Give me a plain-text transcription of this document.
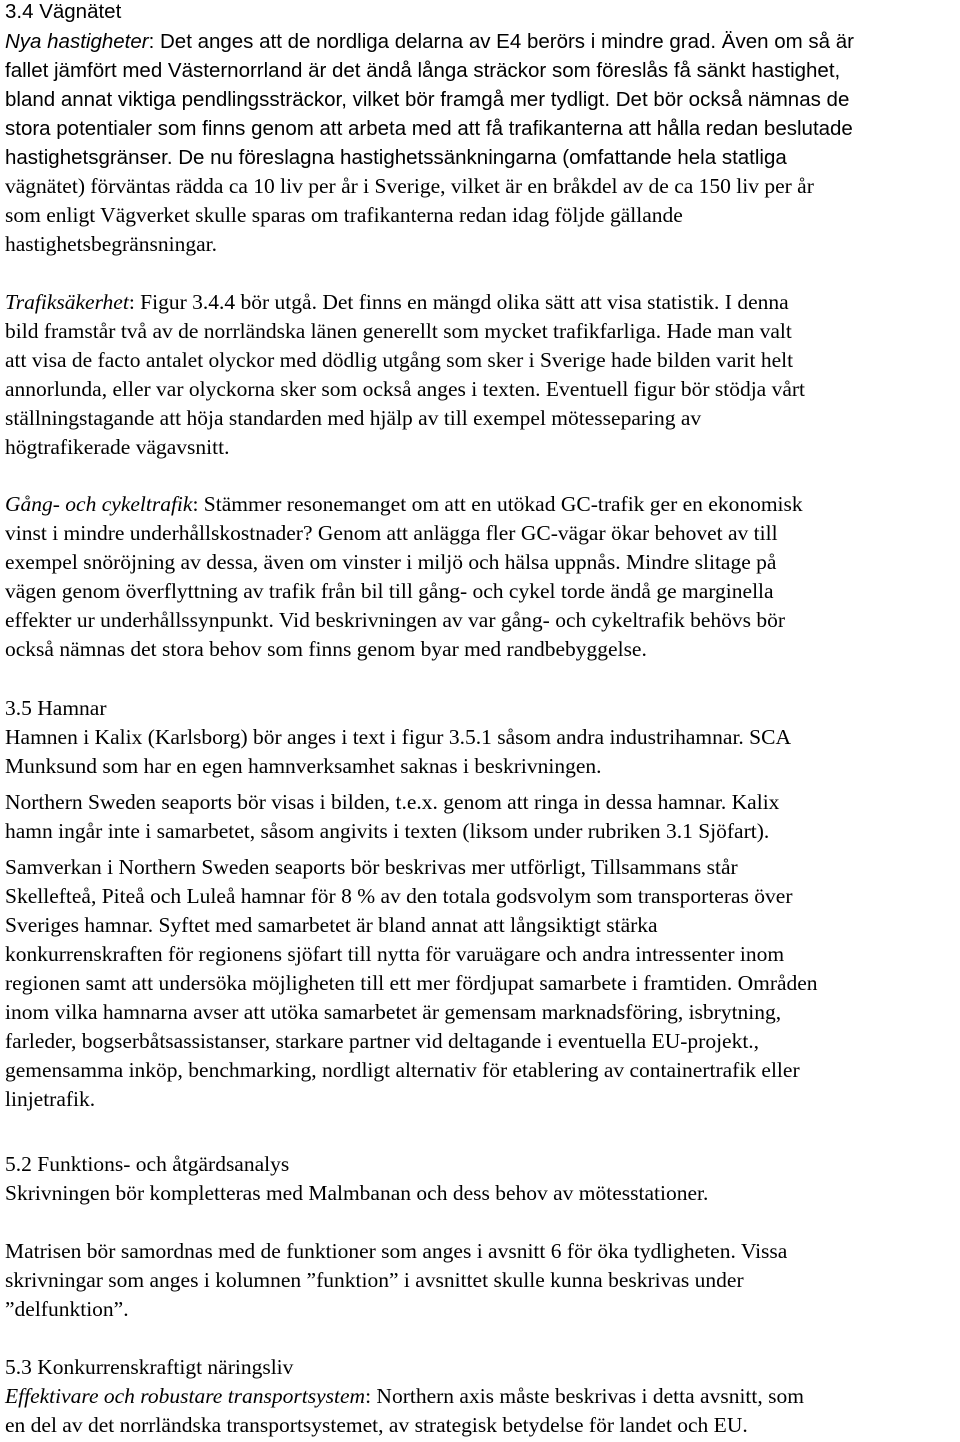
3.4 Vägnätet
Nya hastigheter: Det anges att de nordliga delarna av E4 berörs i mindre grad. Även om så är
fallet jämfört med Västernorrland är det ändå långa sträckor som föreslås få sänkt hastighet,
bland annat viktiga pendlingssträckor, vilket bör framgå mer tydligt. Det bör också nämnas de
stora potentialer som finns genom att arbeta med att få trafikanterna att hålla redan beslutade
hastighetsgränser. De nu föreslagna hastighetssänkningarna (omfattande hela statliga
vägnätet) förväntas rädda ca 10 liv per år i Sverige, vilket är en bråkdel av de ca 150 liv per år
som enligt Vägverket skulle sparas om trafikanterna redan idag följde gällande
hastighetsbegränsningar.
Trafiksäkerhet: Figur 3.4.4 bör utgå. Det finns en mängd olika sätt att visa statistik. I denna
bild framstår två av de norrländska länen generellt som mycket trafikfarliga. Hade man valt
att visa de facto antalet olyckor med dödlig utgång som sker i Sverige hade bilden varit helt
annorlunda, eller var olyckorna sker som också anges i texten. Eventuell figur bör stödja vårt
ställningstagande att höja standarden med hjälp av till exempel mötesseparing av
högtrafikerade vägavsnitt.
Gång- och cykeltrafik: Stämmer resonemanget om att en utökad GC-trafik ger en ekonomisk
vinst i mindre underhållskostnader? Genom att anlägga fler GC-vägar ökar behovet av till
exempel snöröjning av dessa, även om vinster i miljö och hälsa uppnås. Mindre slitage på
vägen genom överflyttning av trafik från bil till gång- och cykel torde ändå ge marginella
effekter ur underhållssynpunkt. Vid beskrivningen av var gång- och cykeltrafik behövs bör
också nämnas det stora behov som finns genom byar med randbebyggelse.
3.5 Hamnar
Hamnen i Kalix (Karlsborg) bör anges i text i figur 3.5.1 såsom andra industrihamnar. SCA
Munksund som har en egen hamnverksamhet saknas i beskrivningen.
Northern Sweden seaports bör visas i bilden, t.e.x. genom att ringa in dessa hamnar. Kalix
hamn ingår inte i samarbetet, såsom angivits i texten (liksom under rubriken 3.1 Sjöfart).
Samverkan i Northern Sweden seaports bör beskrivas mer utförligt, Tillsammans står
Skellefteå, Piteå och Luleå hamnar för 8 % av den totala godsvolym som transporteras över
Sveriges hamnar. Syftet med samarbetet är bland annat att långsiktigt stärka
konkurrenskraften för regionens sjöfart till nytta för varuägare och andra intressenter inom
regionen samt att undersöka möjligheten till ett mer fördjupat samarbete i framtiden. Områden
inom vilka hamnarna avser att utöka samarbetet är gemensam marknadsföring, isbrytning,
farleder, bogserbåtsassistanser, starkare partner vid deltagande i eventuella EU-projekt.,
gemensamma inköp, benchmarking, nordligt alternativ för etablering av containertrafik eller
linjetrafik.
5.2 Funktions- och åtgärdsanalys
Skrivningen bör kompletteras med Malmbanan och dess behov av mötesstationer.
Matrisen bör samordnas med de funktioner som anges i avsnitt 6 för öka tydligheten. Vissa
skrivningar som anges i kolumnen ”funktion” i avsnittet skulle kunna beskrivas under
”delfunktion”.
5.3 Konkurrenskraftigt näringsliv
Effektivare och robustare transportsystem: Northern axis måste beskrivas i detta avsnitt, som
en del av det norrländska transportsystemet, av strategisk betydelse för landet och EU.
